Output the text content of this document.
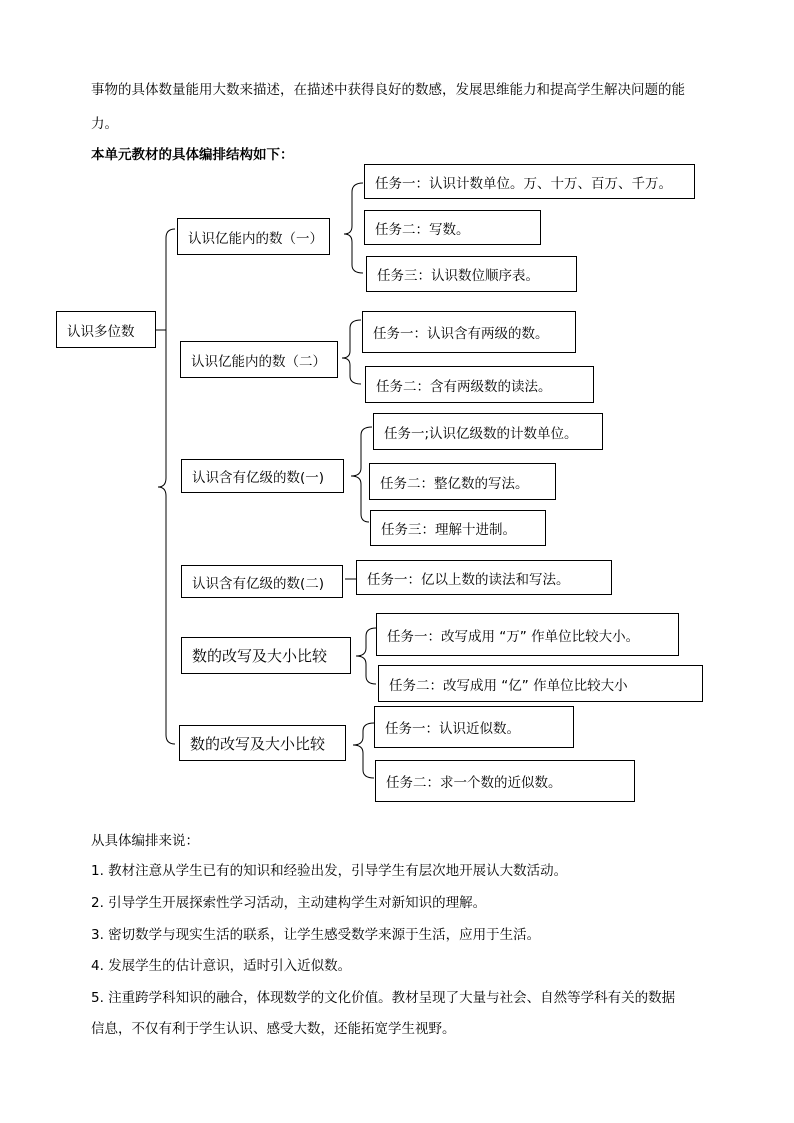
事物的具体数量能用大数来描述，在描述中获得良好的数感，发展思维能力和提高学生解决问题的能
力。
本单元教材的具体编排结构如下：
认识多位数
认识亿能内的数（一）
任务一：认识计数单位。万、十万、百万、千万。
任务二：写数。
任务三：认识数位顺序表。
认识亿能内的数（二）
任务一：认识含有两级的数。
任务二：含有两级数的读法。
认识含有亿级的数(一)
任务一;认识亿级数的计数单位。
任务二：整亿数的写法。
任务三：理解十进制。
认识含有亿级的数(二)	任务一：亿以上数的读法和写法。
数的改写及大小比较
任务一：改写成用 “万” 作单位比较大小。
任务二：改写成用 “亿” 作单位比较大小
数的改写及大小比较
任务一：认识近似数。
任务二：求一个数的近似数。
从具体编排来说：
1. 教材注意从学生已有的知识和经验出发，引导学生有层次地开展认大数活动。
2. 引导学生开展探索性学习活动，主动建构学生对新知识的理解。
3. 密切数学与现实生活的联系，让学生感受数学来源于生活，应用于生活。
4. 发展学生的估计意识，适时引入近似数。
5. 注重跨学科知识的融合，体现数学的文化价值。教材呈现了大量与社会、自然等学科有关的数据
信息，不仅有利于学生认识、感受大数，还能拓宽学生视野。
